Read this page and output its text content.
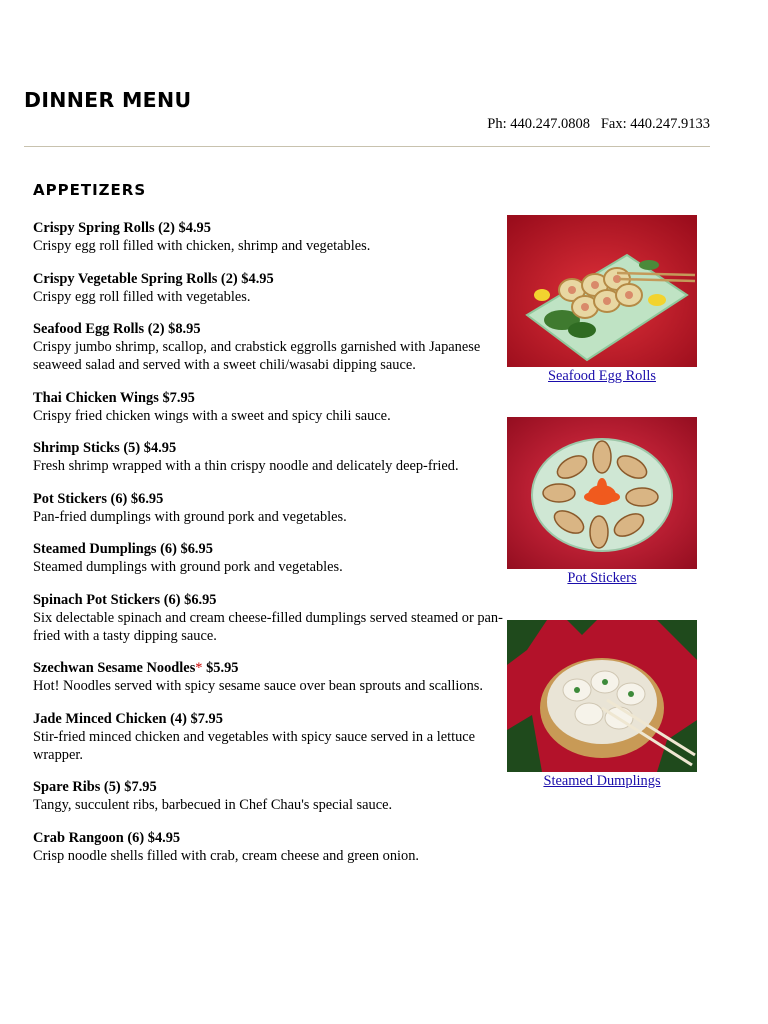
DINNER MENU
Ph: 440.247.0808   Fax: 440.247.9133
APPETIZERS
Crispy Spring Rolls (2) $4.95
Crispy egg roll filled with chicken, shrimp and vegetables.
Crispy Vegetable Spring Rolls (2) $4.95
Crispy egg roll filled with vegetables.
Seafood Egg Rolls (2) $8.95
Crispy jumbo shrimp, scallop, and crabstick eggrolls garnished with Japanese seaweed salad and served with a sweet chili/wasabi dipping sauce.
Thai Chicken Wings $7.95
Crispy fried chicken wings with a sweet and spicy chili sauce.
Shrimp Sticks (5) $4.95
Fresh shrimp wrapped with a thin crispy noodle and delicately deep-fried.
Pot Stickers (6) $6.95
Pan-fried dumplings with ground pork and vegetables.
Steamed Dumplings (6) $6.95
Steamed dumplings with ground pork and vegetables.
Spinach Pot Stickers (6) $6.95
Six delectable spinach and cream cheese-filled dumplings served steamed or pan-fried with a tasty dipping sauce.
Szechwan Sesame Noodles* $5.95
Hot! Noodles served with spicy sesame sauce over bean sprouts and scallions.
Jade Minced Chicken (4) $7.95
Stir-fried minced chicken and vegetables with spicy sauce served in a lettuce wrapper.
Spare Ribs (5) $7.95
Tangy, succulent ribs, barbecued in Chef Chau's special sauce.
Crab Rangoon (6) $4.95
Crisp noodle shells filled with crab, cream cheese and green onion.
Seafood Egg Rolls
Pot Stickers
Steamed Dumplings
